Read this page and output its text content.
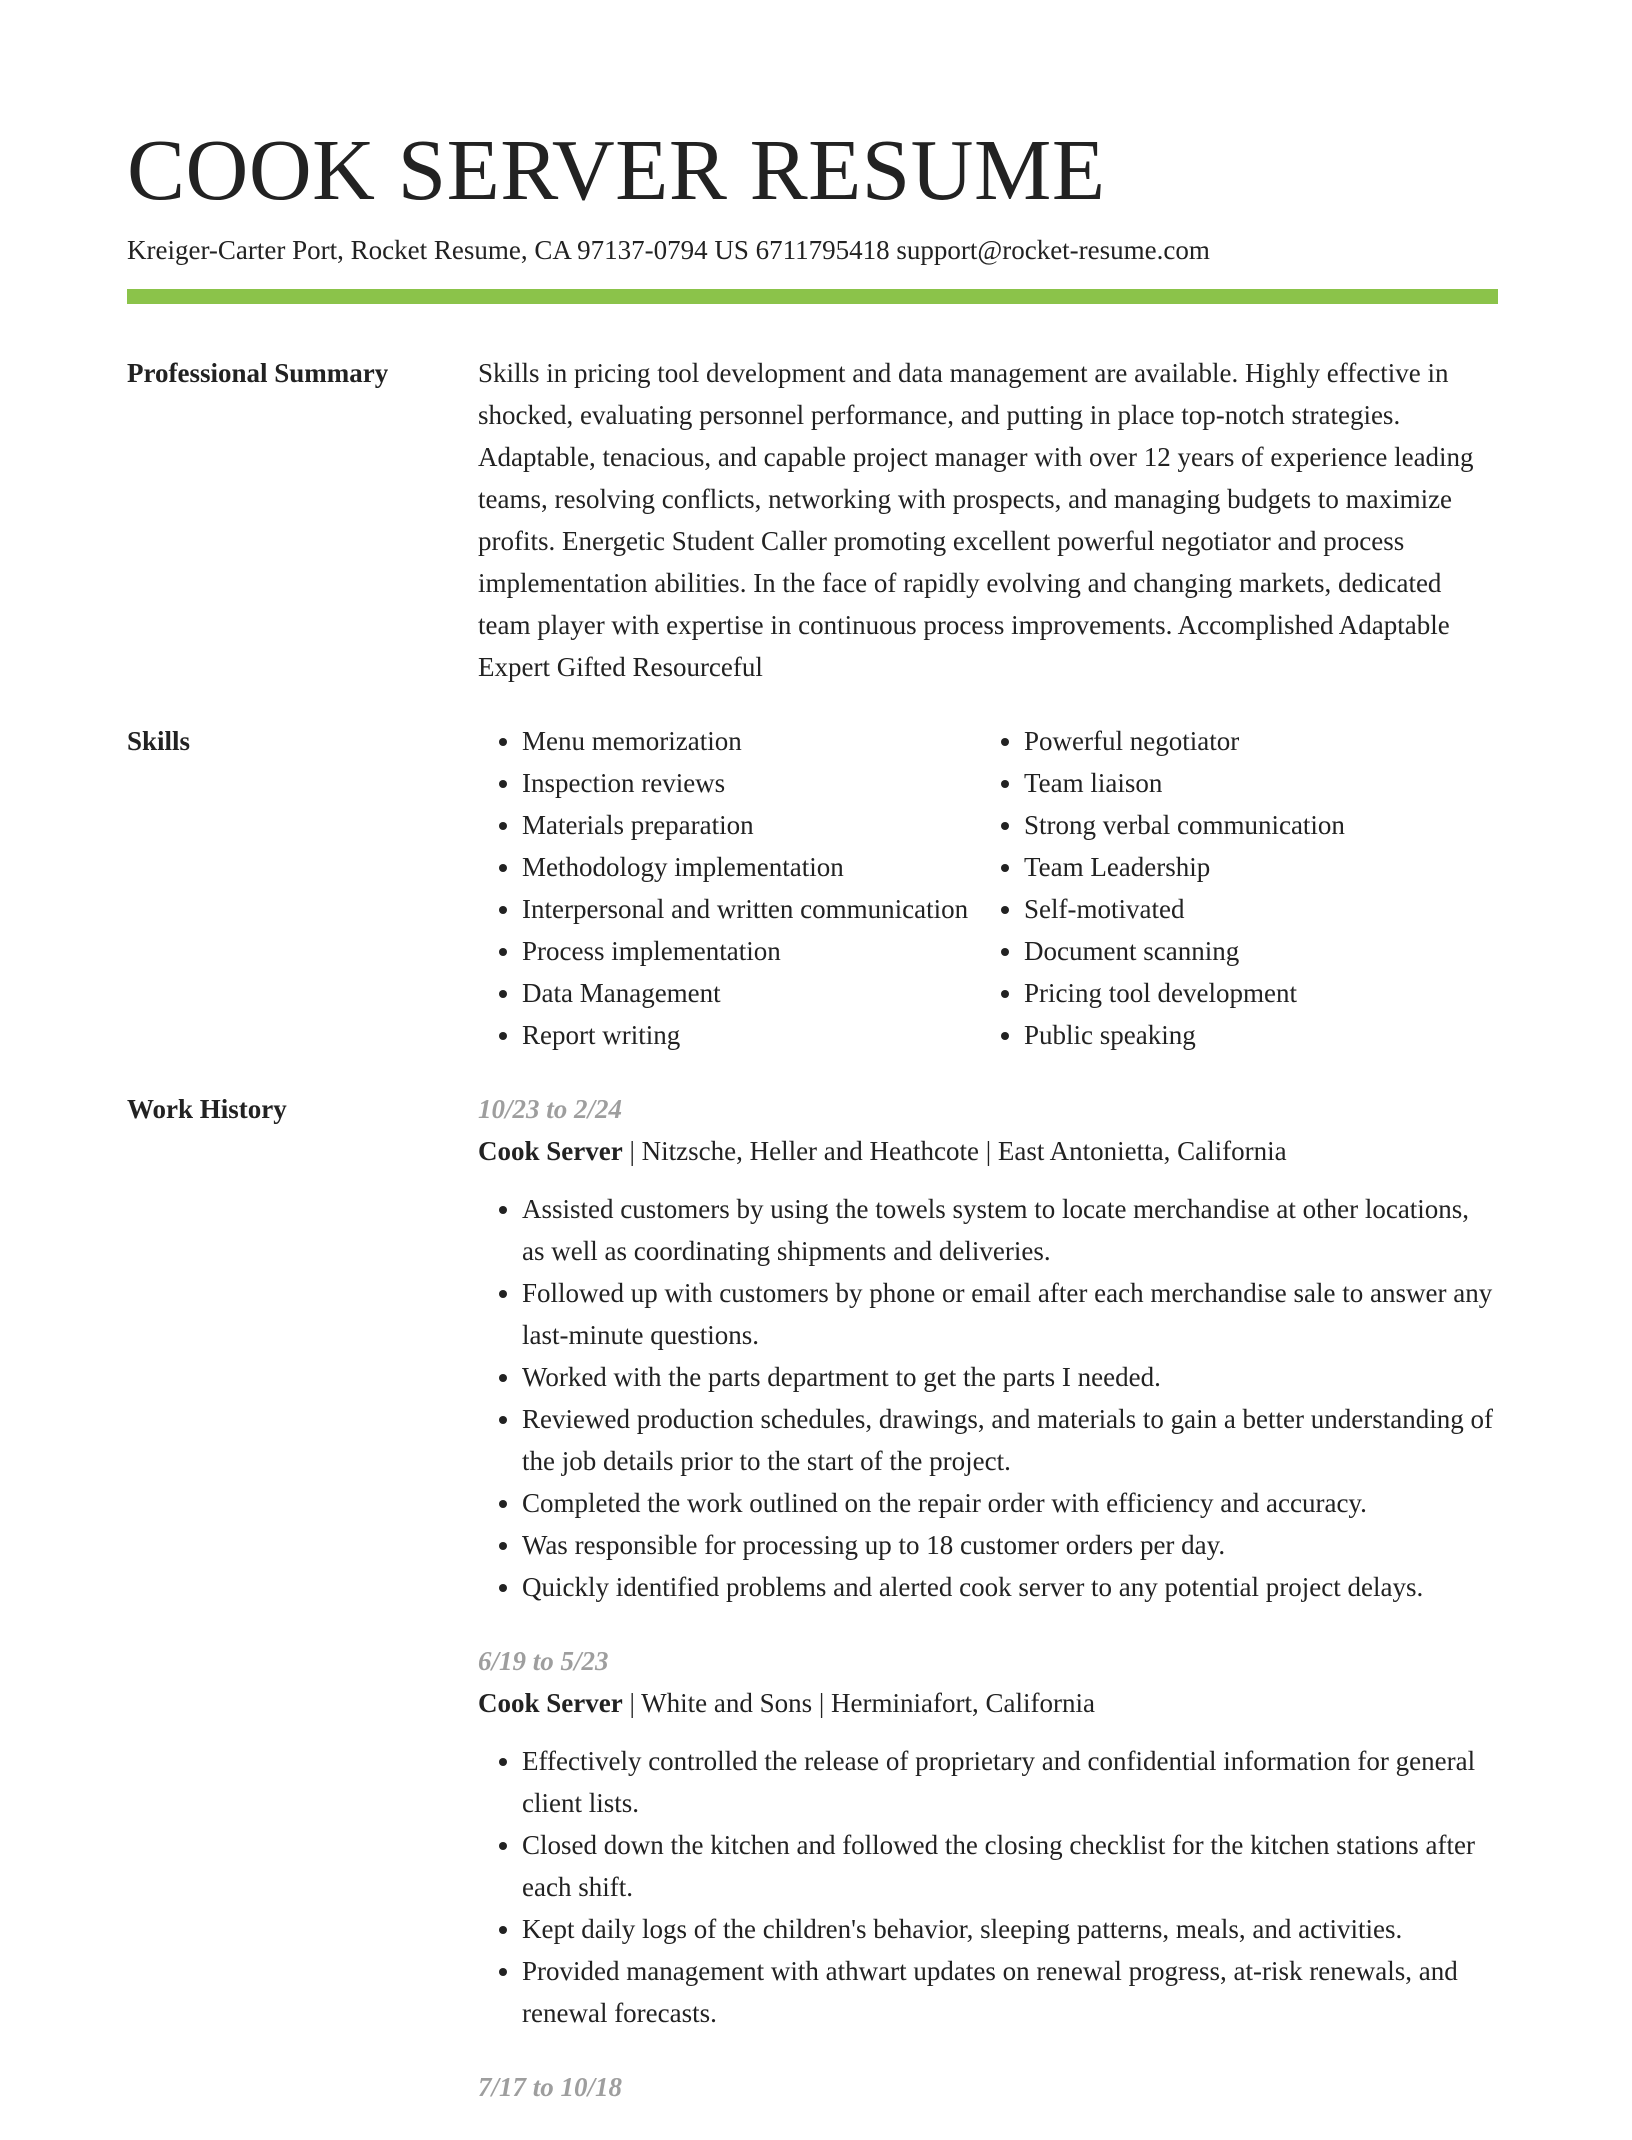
COOK SERVER RESUME
Kreiger-Carter Port, Rocket Resume, CA 97137-0794 US 6711795418 support@rocket-resume.com
Professional Summary	Skills in pricing tool development and data management are available. Highly effective in shocked, evaluating personnel performance, and putting in place top-notch strategies. Adaptable, tenacious, and capable project manager with over 12 years of experience leading teams, resolving conflicts, networking with prospects, and managing budgets to maximize profits. Energetic Student Caller promoting excellent powerful negotiator and process implementation abilities. In the face of rapidly evolving and changing markets, dedicated team player with expertise in continuous process improvements. Accomplished Adaptable Expert Gifted Resourceful
Skills
•	Menu memorization
• Inspection reviews
• Materials preparation
• Methodology implementation
• Interpersonal and written communication
• Process implementation
• Data Management
• Report writing
• Powerful negotiator
• Team liaison
• Strong verbal communication
• Team Leadership
• Self-motivated
• Document scanning
• Pricing tool development
• Public speaking
Work History	10/23 to 2/24
Cook Server | Nitzsche, Heller and Heathcote | East Antonietta, California
• Assisted customers by using the towels system to locate merchandise at other locations, as well as coordinating shipments and deliveries.
• Followed up with customers by phone or email after each merchandise sale to answer any last-minute questions.
• Worked with the parts department to get the parts I needed.
• Reviewed production schedules, drawings, and materials to gain a better understanding of the job details prior to the start of the project.
• Completed the work outlined on the repair order with efficiency and accuracy.
• Was responsible for processing up to 18 customer orders per day.
• Quickly identified problems and alerted cook server to any potential project delays.
6/19 to 5/23
Cook Server | White and Sons | Herminiafort, California
• Effectively controlled the release of proprietary and confidential information for general client lists.
• Closed down the kitchen and followed the closing checklist for the kitchen stations after each shift.
• Kept daily logs of the children's behavior, sleeping patterns, meals, and activities.
• Provided management with athwart updates on renewal progress, at-risk renewals, and renewal forecasts.
7/17 to 10/18
